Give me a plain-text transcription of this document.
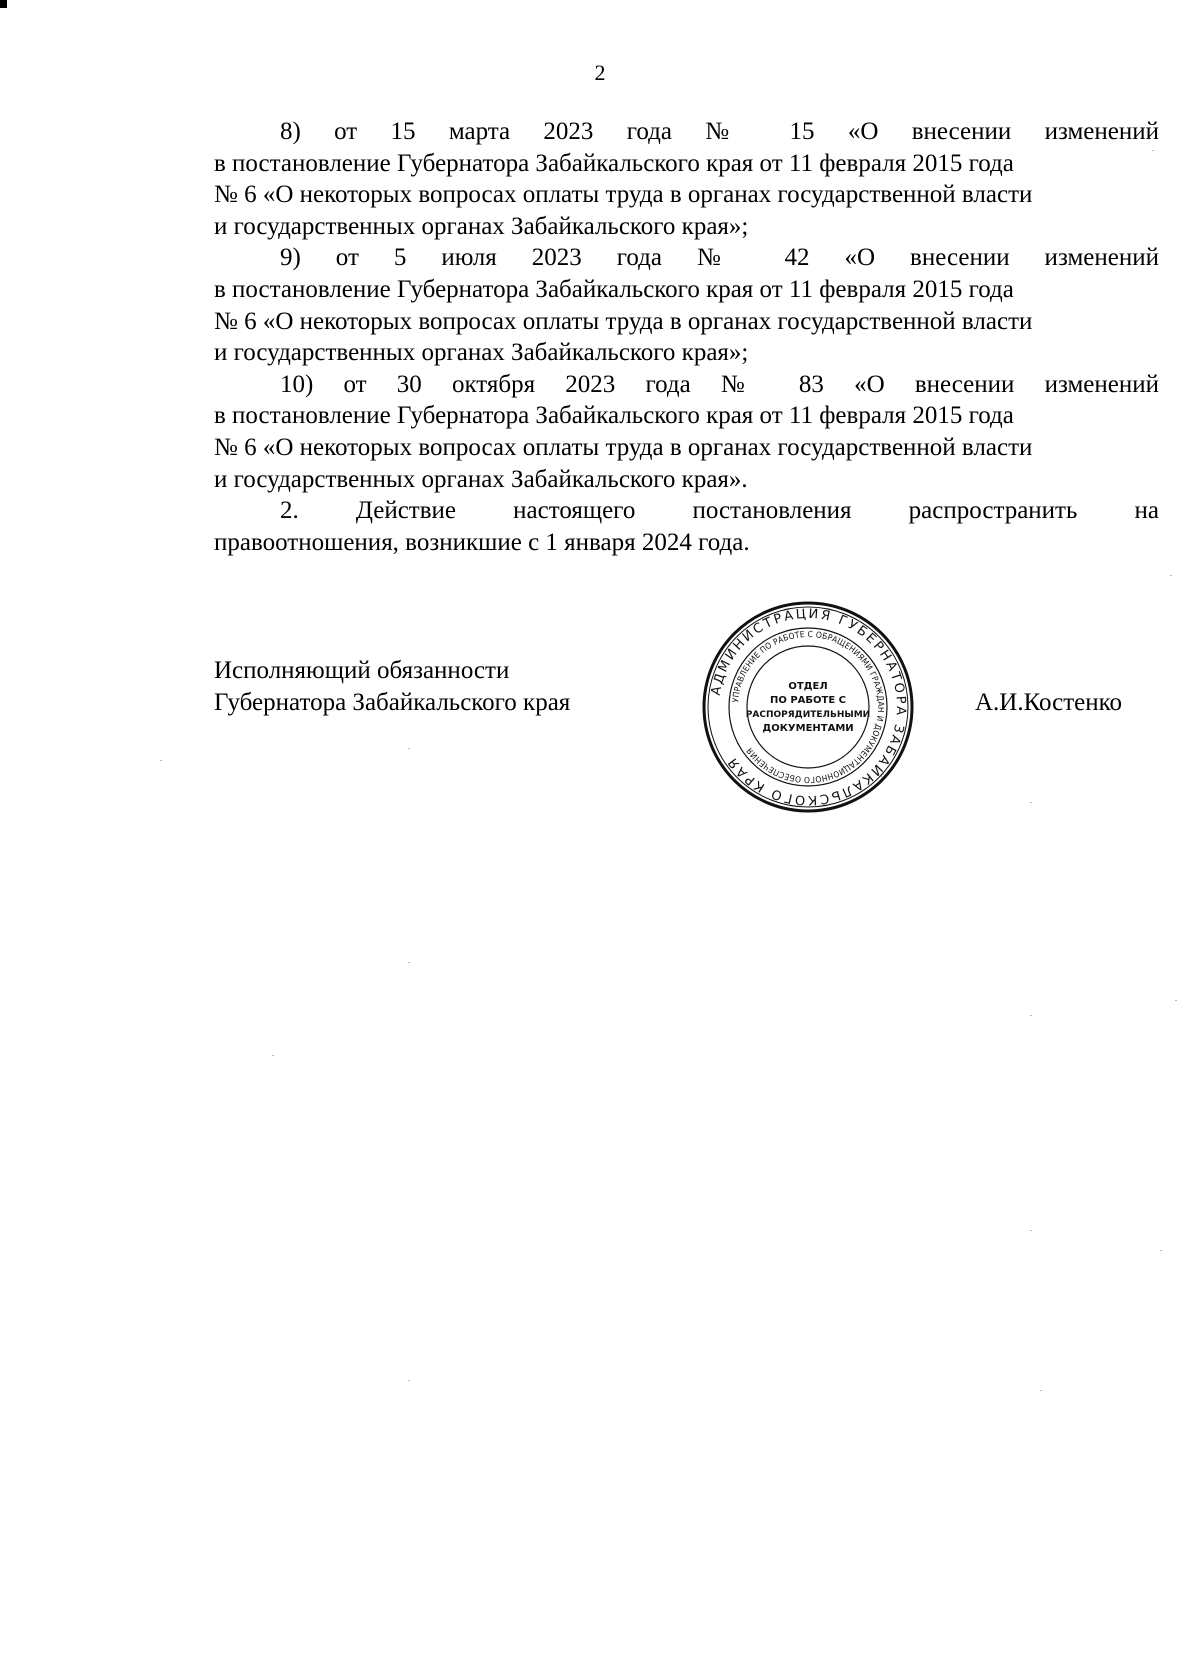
2

8) от 15 марта 2023 года № 15 «О внесении изменений
в постановление Губернатора Забайкальского края от 11 февраля 2015 года
№ 6 «О некоторых вопросах оплаты труда в органах государственной власти
и государственных органах Забайкальского края»;

9) от 5 июля 2023 года № 42 «О внесении изменений
в постановление Губернатора Забайкальского края от 11 февраля 2015 года
№ 6 «О некоторых вопросах оплаты труда в органах государственной власти
и государственных органах Забайкальского края»;

10) от 30 октября 2023 года № 83 «О внесении изменений
в постановление Губернатора Забайкальского края от 11 февраля 2015 года
№ 6 «О некоторых вопросах оплаты труда в органах государственной власти
и государственных органах Забайкальского края».

2. Действие настоящего постановления распространить на
правоотношения, возникшие с 1 января 2024 года.

Исполняющий обязанности
Губернатора Забайкальского края	АДМИНИСТРАЦИЯ ГУБЕРНАТОРА ЗАБАЙКАЛЬСКОГО КРАЯ
УПРАВЛЕНИЕ ПО РАБОТЕ С ОБРАЩЕНИЯМИ ГРАЖДАН И ДОКУМЕНТАЦИОННОГО ОБЕСПЕЧЕНИЯ
ОТДЕЛ
ПО РАБОТЕ С
РАСПОРЯДИТЕЛЬНЫМИ
ДОКУМЕНТАМИ
А.И.Костенко
